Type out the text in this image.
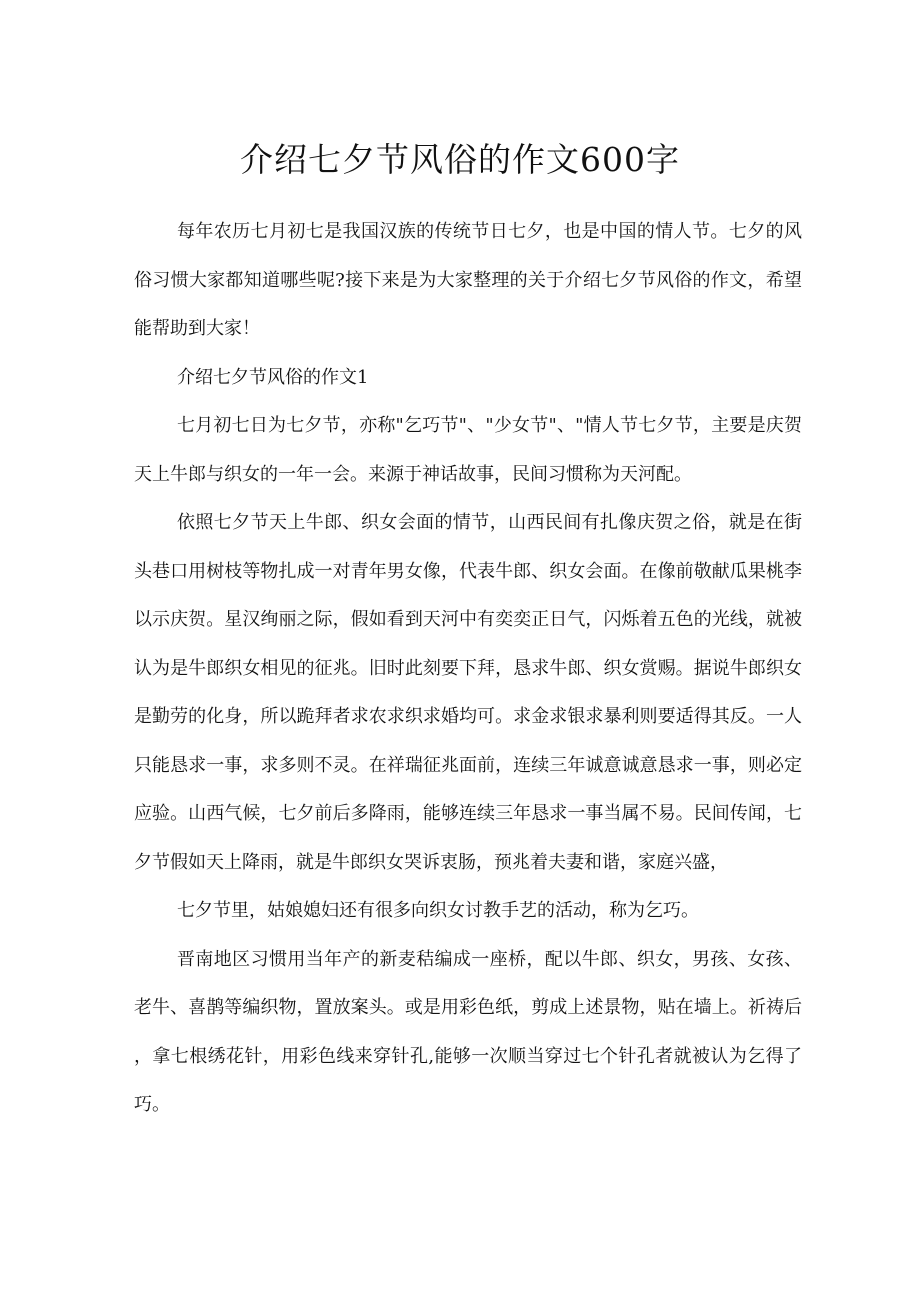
介绍七夕节风俗的作文600字

每年农历七月初七是我国汉族的传统节日七夕，也是中国的情人节。七夕的风俗习惯大家都知道哪些呢?接下来是为大家整理的关于介绍七夕节风俗的作文，希望能帮助到大家！

介绍七夕节风俗的作文1

七月初七日为七夕节，亦称"乞巧节"、"少女节"、"情人节七夕节，主要是庆贺天上牛郎与织女的一年一会。来源于神话故事，民间习惯称为天河配。

依照七夕节天上牛郎、织女会面的情节，山西民间有扎像庆贺之俗，就是在街头巷口用树枝等物扎成一对青年男女像，代表牛郎、织女会面。在像前敬献瓜果桃李以示庆贺。星汉绚丽之际，假如看到天河中有奕奕正日气，闪烁着五色的光线，就被认为是牛郎织女相见的征兆。旧时此刻要下拜，恳求牛郎、织女赏赐。据说牛郎织女是勤劳的化身，所以跪拜者求农求织求婚均可。求金求银求暴利则要适得其反。一人只能恳求一事，求多则不灵。在祥瑞征兆面前，连续三年诚意诚意恳求一事，则必定应验。山西气候，七夕前后多降雨，能够连续三年恳求一事当属不易。民间传闻，七夕节假如天上降雨，就是牛郎织女哭诉衷肠，预兆着夫妻和谐，家庭兴盛，

七夕节里，姑娘媳妇还有很多向织女讨教手艺的活动，称为乞巧。

晋南地区习惯用当年产的新麦秸编成一座桥，配以牛郎、织女，男孩、女孩、老牛、喜鹊等编织物，置放案头。或是用彩色纸，剪成上述景物，贴在墙上。祈祷后，拿七根绣花针，用彩色线来穿针孔,能够一次顺当穿过七个针孔者就被认为乞得了巧。
